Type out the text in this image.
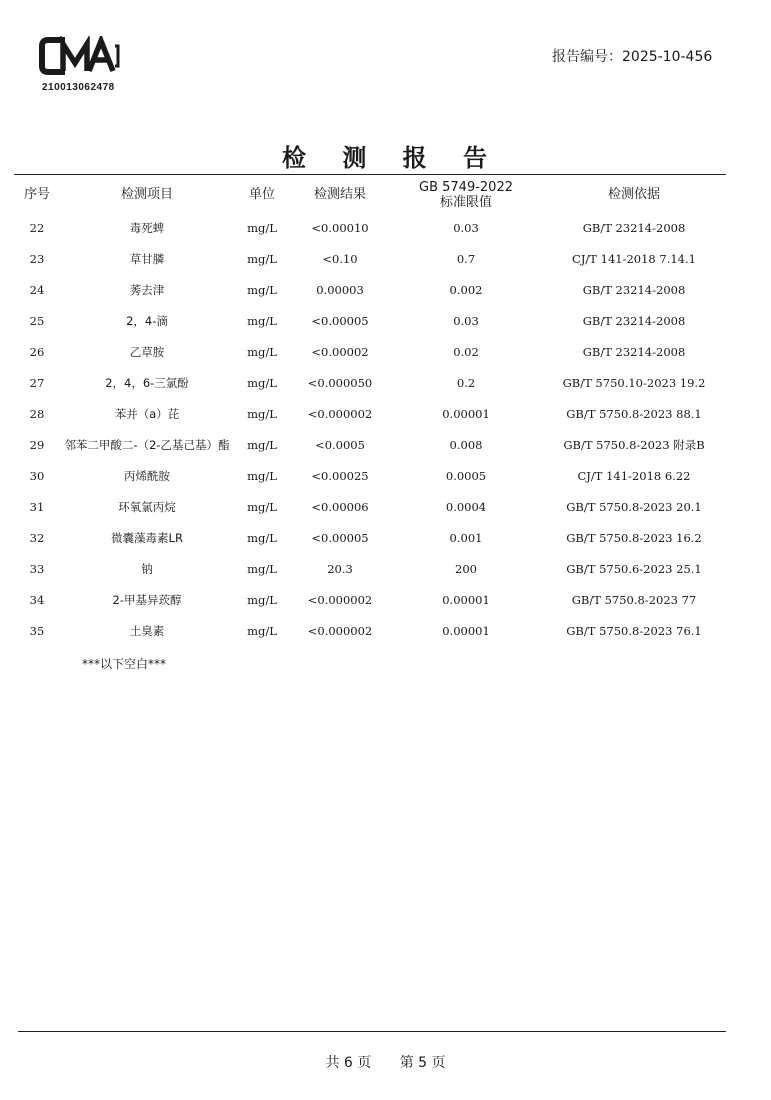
210013062478
报告编号：2025-10-456
检 测 报 告
序号	检测项目	单位	检测结果	GB 5749-2022
标准限值	检测依据
22	毒死蜱	mg/L	<0.00010	0.03	GB/T 23214-2008
23	草甘膦	mg/L	<0.10	0.7	CJ/T 141-2018 7.14.1
24	莠去津	mg/L	0.00003	0.002	GB/T 23214-2008
25	2，4-滴	mg/L	<0.00005	0.03	GB/T 23214-2008
26	乙草胺	mg/L	<0.00002	0.02	GB/T 23214-2008
27	2，4，6-三氯酚	mg/L	<0.000050	0.2	GB/T 5750.10-2023 19.2
28	苯并（a）芘	mg/L	<0.000002	0.00001	GB/T 5750.8-2023 88.1
29	邻苯二甲酸二-（2-乙基己基）酯	mg/L	<0.0005	0.008	GB/T 5750.8-2023 附录B
30	丙烯酰胺	mg/L	<0.00025	0.0005	CJ/T 141-2018 6.22
31	环氧氯丙烷	mg/L	<0.00006	0.0004	GB/T 5750.8-2023 20.1
32	微囊藻毒素LR	mg/L	<0.00005	0.001	GB/T 5750.8-2023 16.2
33	钠	mg/L	20.3	200	GB/T 5750.6-2023 25.1
34	2-甲基异莰醇	mg/L	<0.000002	0.00001	GB/T 5750.8-2023 77
35	土臭素	mg/L	<0.000002	0.00001	GB/T 5750.8-2023 76.1
***以下空白***
共 6 页 第 5 页
